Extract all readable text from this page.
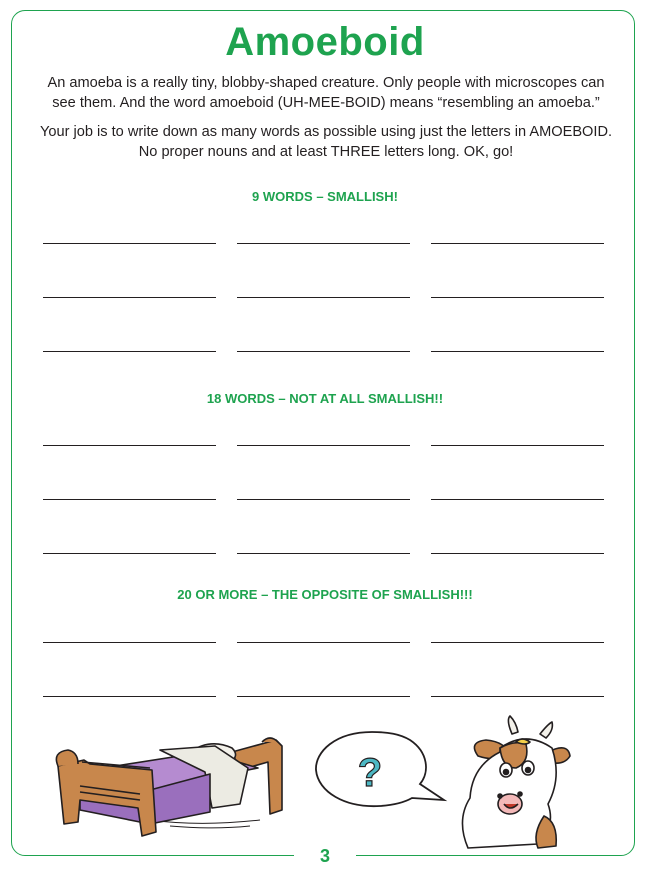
Amoeboid
An amoeba is a really tiny, blobby-shaped creature. Only people with microscopes can see them. And the word amoeboid (UH-MEE-BOID) means “resembling an amoeba.”
Your job is to write down as many words as possible using just the letters in AMOEBOID. No proper nouns and at least THREE letters long. OK, go!
9 WORDS – SMALLISH!
18 WORDS – NOT AT ALL SMALLISH!!
20 OR MORE – THE OPPOSITE OF SMALLISH!!!
?
3
